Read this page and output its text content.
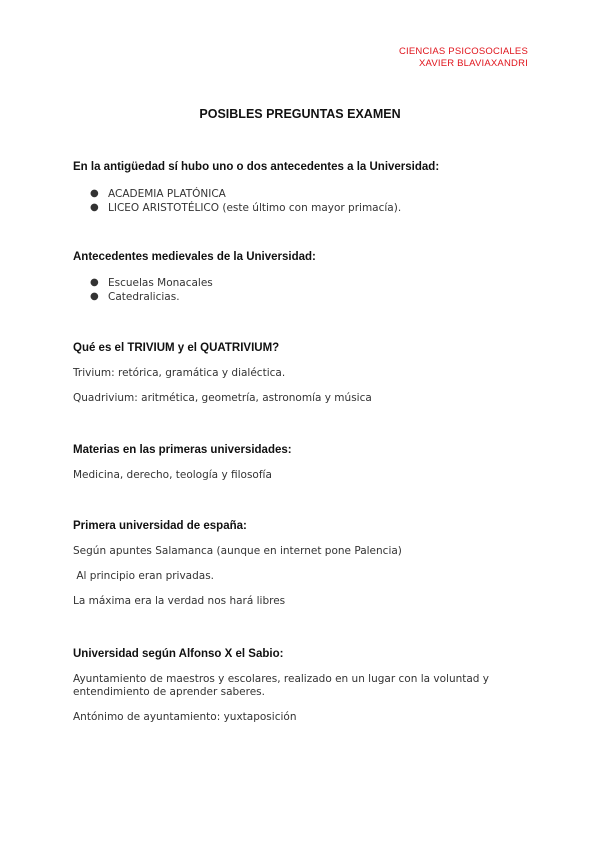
CIENCIAS PSICOSOCIALES
XAVIER BLAVIAXANDRI
POSIBLES PREGUNTAS EXAMEN

En la antigüedad sí hubo uno o dos antecedentes a la Universidad:

● ACADEMIA PLATÓNICA
● LICEO ARISTOTÉLICO (este último con mayor primacía).

Antecedentes medievales de la Universidad:

● Escuelas Monacales
● Catedralicias.

Qué es el TRIVIUM y el QUATRIVIUM?

Trivium: retórica, gramática y dialéctica.

Quadrivium: aritmética, geometría, astronomía y música

Materias en las primeras universidades:

Medicina, derecho, teología y filosofía

Primera universidad de españa:

Según apuntes Salamanca (aunque en internet pone Palencia)

Al principio eran privadas.

La máxima era la verdad nos hará libres

Universidad según Alfonso X el Sabio:

Ayuntamiento de maestros y escolares, realizado en un lugar con la voluntad y entendimiento de aprender saberes.

Antónimo de ayuntamiento: yuxtaposición
